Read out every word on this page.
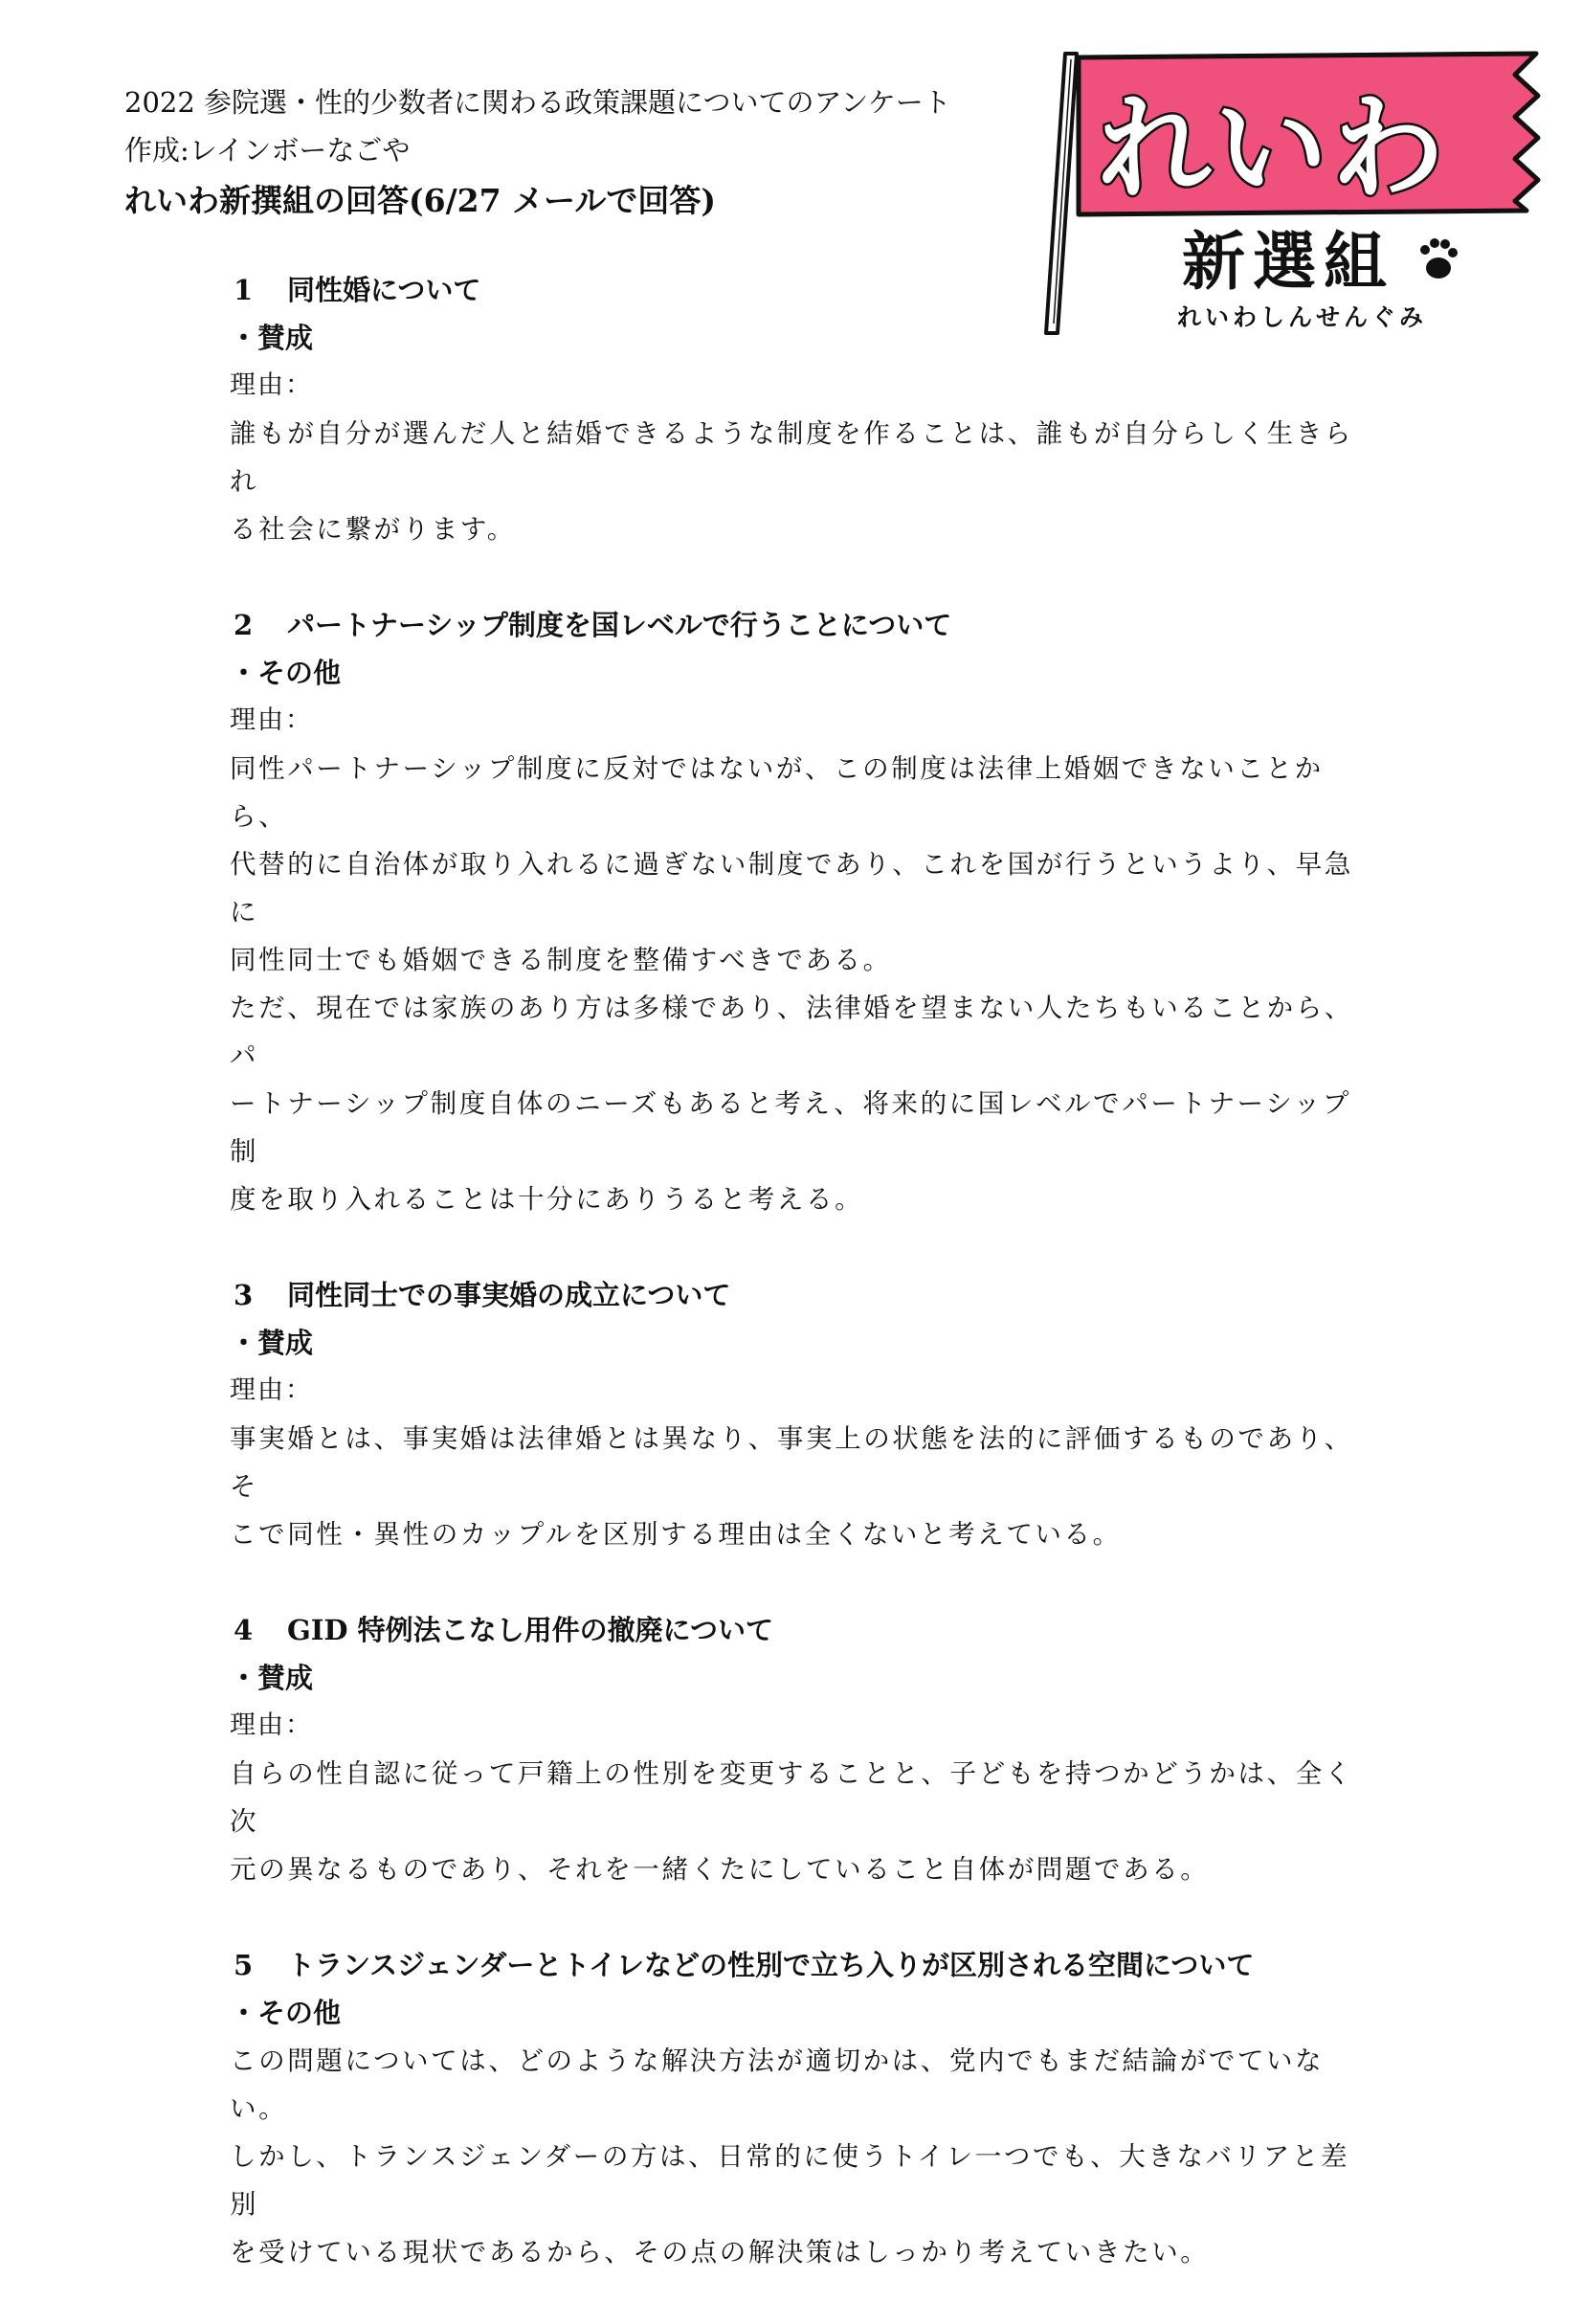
2022 参院選・性的少数者に関わる政策課題についてのアンケート
作成:レインボーなごや
れいわ新撰組の回答(6/27 メールで回答)	れいわ
新選組
れいわしんせんぐみ
1 同性婚について
・賛成
理由：
誰もが自分が選んだ人と結婚できるような制度を作ることは、誰もが自分らしく生きられ
る社会に繋がります。
2 パートナーシップ制度を国レベルで行うことについて
・その他
理由：
同性パートナーシップ制度に反対ではないが、この制度は法律上婚姻できないことから、
代替的に自治体が取り入れるに過ぎない制度であり、これを国が行うというより、早急に
同性同士でも婚姻できる制度を整備すべきである。
ただ、現在では家族のあり方は多様であり、法律婚を望まない人たちもいることから、パ
ートナーシップ制度自体のニーズもあると考え、将来的に国レベルでパートナーシップ制
度を取り入れることは十分にありうると考える。
3 同性同士での事実婚の成立について
・賛成
理由：
事実婚とは、事実婚は法律婚とは異なり、事実上の状態を法的に評価するものであり、そ
こで同性・異性のカップルを区別する理由は全くないと考えている。
4 GID 特例法こなし用件の撤廃について
・賛成
理由：
自らの性自認に従って戸籍上の性別を変更することと、子どもを持つかどうかは、全く次
元の異なるものであり、それを一緒くたにしていること自体が問題である。
5 トランスジェンダーとトイレなどの性別で立ち入りが区別される空間について
・その他
この問題については、どのような解決方法が適切かは、党内でもまだ結論がでていない。
しかし、トランスジェンダーの方は、日常的に使うトイレ一つでも、大きなバリアと差別
を受けている現状であるから、その点の解決策はしっかり考えていきたい。
